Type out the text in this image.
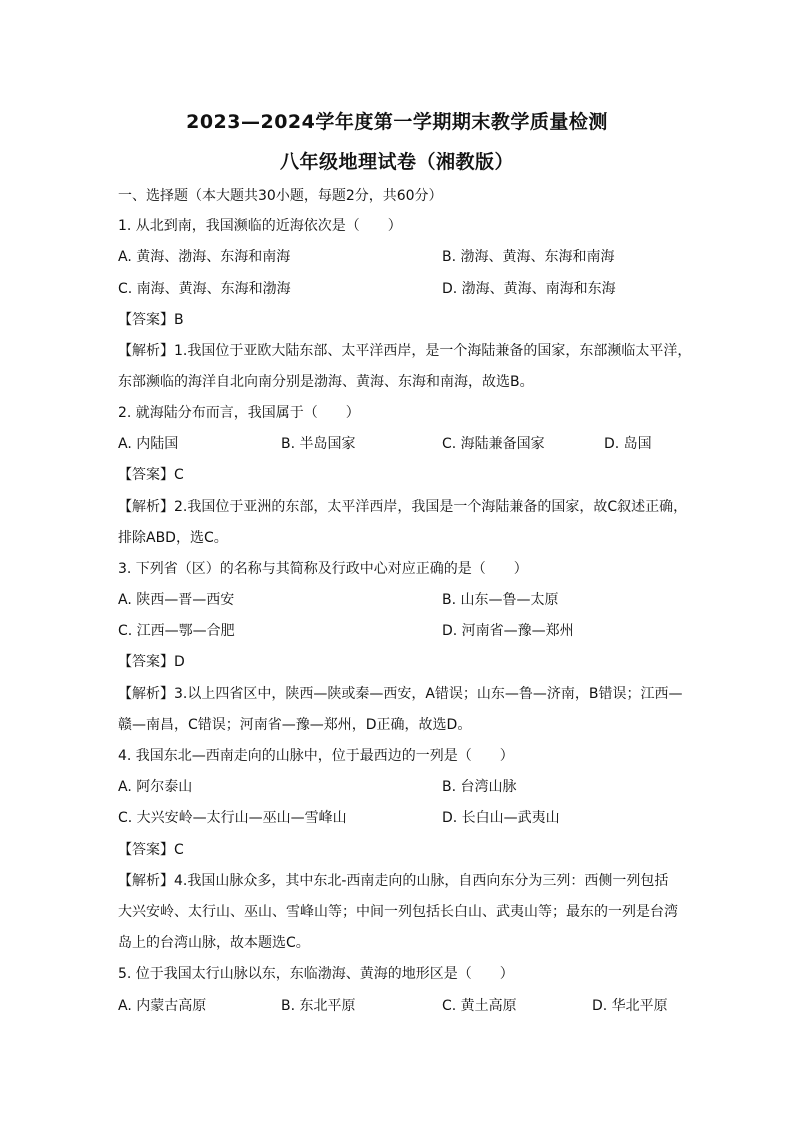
2023—2024学年度第一学期期末教学质量检测
八年级地理试卷（湘教版）
一、选择题（本大题共30小题，每题2分，共60分）
1. 从北到南，我国濒临的近海依次是（　　）
A. 黄海、渤海、东海和南海	B. 渤海、黄海、东海和南海
C. 南海、黄海、东海和渤海	D. 渤海、黄海、南海和东海
【答案】B
【解析】1.我国位于亚欧大陆东部、太平洋西岸，是一个海陆兼备的国家，东部濒临太平洋，
东部濒临的海洋自北向南分别是渤海、黄海、东海和南海，故选B。
2. 就海陆分布而言，我国属于（　　）
A. 内陆国	B. 半岛国家	C. 海陆兼备国家	D. 岛国
【答案】C
【解析】2.我国位于亚洲的东部，太平洋西岸，我国是一个海陆兼备的国家，故C叙述正确，
排除ABD，选C。
3. 下列省（区）的名称与其简称及行政中心对应正确的是（　　）
A. 陕西—晋—西安	B. 山东—鲁—太原
C. 江西—鄂—合肥	D. 河南省—豫—郑州
【答案】D
【解析】3.以上四省区中，陕西—陕或秦—西安，A错误；山东—鲁—济南，B错误；江西—
赣—南昌，C错误；河南省—豫—郑州，D正确，故选D。
4. 我国东北—西南走向的山脉中，位于最西边的一列是（　　）
A. 阿尔泰山	B. 台湾山脉
C. 大兴安岭—太行山—巫山—雪峰山	D. 长白山—武夷山
【答案】C
【解析】4.我国山脉众多，其中东北-西南走向的山脉，自西向东分为三列：西侧一列包括
大兴安岭、太行山、巫山、雪峰山等；中间一列包括长白山、武夷山等；最东的一列是台湾
岛上的台湾山脉，故本题选C。
5. 位于我国太行山脉以东，东临渤海、黄海的地形区是（　　）
A. 内蒙古高原	B. 东北平原	C. 黄土高原	D. 华北平原
